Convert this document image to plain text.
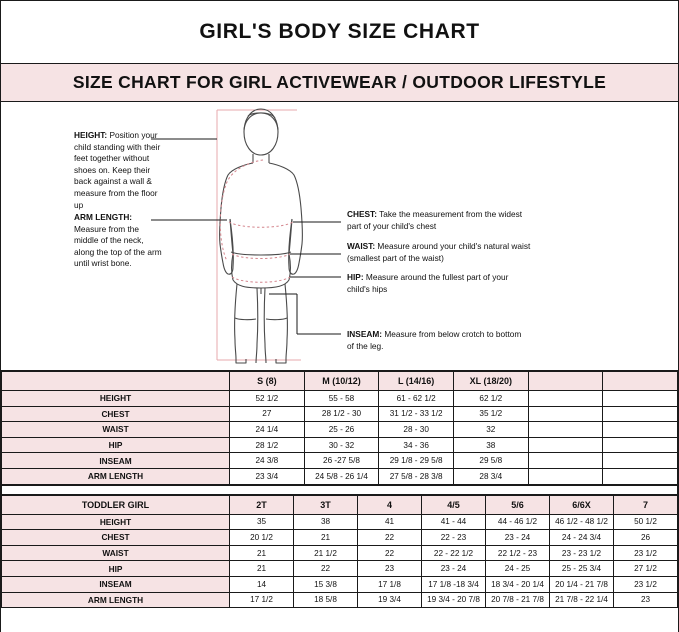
GIRL'S BODY SIZE CHART
SIZE CHART FOR GIRL ACTIVEWEAR / OUTDOOR LIFESTYLE
HEIGHT: Position your child standing with their feet together without shoes on. Keep their back against a wall & measure from the floor up
ARM LENGTH: Measure from the middle of the neck, along the top of the arm until wrist bone.
CHEST: Take the measurement from the widest part of your child's chest
WAIST: Measure around your child's natural waist (smallest part of the waist)
HIP: Measure around the fullest part of your child's hips
INSEAM: Measure from below crotch to bottom of the leg.
	S (8)	M (10/12)	L (14/16)	XL (18/20)		
HEIGHT	52 1/2	55 - 58	61 - 62 1/2	62 1/2		
CHEST	27	28 1/2 - 30	31 1/2 - 33 1/2	35 1/2		
WAIST	24 1/4	25 - 26	28 - 30	32		
HIP	28 1/2	30 - 32	34 - 36	38		
INSEAM	24 3/8	26 -27 5/8	29 1/8 - 29 5/8	29 5/8		
ARM LENGTH	23 3/4	24 5/8 - 26 1/4	27 5/8 - 28 3/8	28 3/4		
TODDLER GIRL	2T	3T	4	4/5	5/6	6/6X	7
HEIGHT	35	38	41	41 - 44	44 - 46 1/2	46 1/2 - 48 1/2	50 1/2
CHEST	20 1/2	21	22	22 - 23	23 - 24	24 - 24 3/4	26
WAIST	21	21 1/2	22	22 - 22 1/2	22 1/2 - 23	23 - 23 1/2	23 1/2
HIP	21	22	23	23 - 24	24 - 25	25 - 25 3/4	27 1/2
INSEAM	14	15 3/8	17 1/8	17 1/8 -18 3/4	18 3/4 - 20 1/4	20 1/4 - 21 7/8	23 1/2
ARM LENGTH	17 1/2	18 5/8	19 3/4	19 3/4 - 20 7/8	20 7/8 - 21 7/8	21 7/8 - 22 1/4	23
